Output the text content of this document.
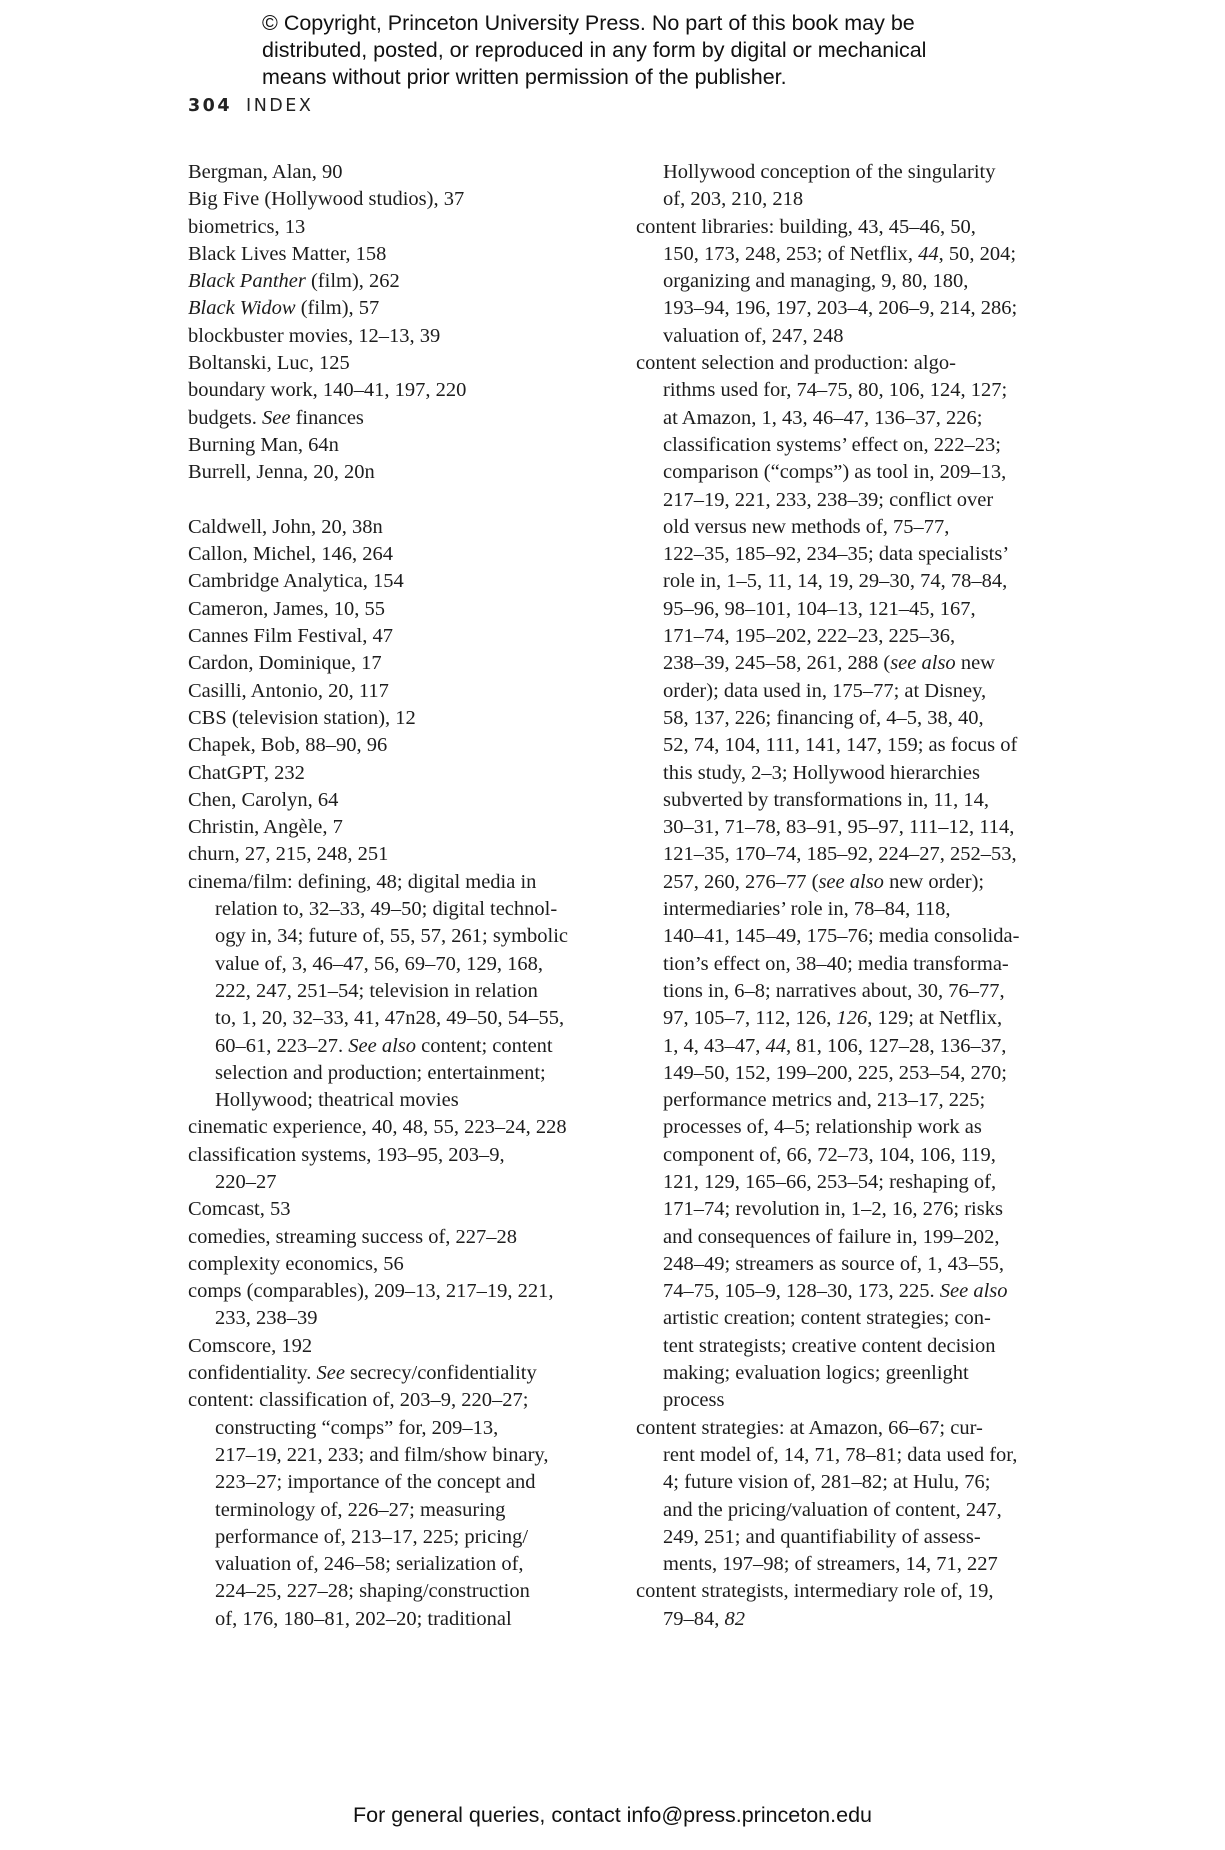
© Copyright, Princeton University Press. No part of this book may be
distributed, posted, or reproduced in any form by digital or mechanical
means without prior written permission of the publisher.
304 INDEX
Bergman, Alan, 90
Big Five (Hollywood studios), 37
biometrics, 13
Black Lives Matter, 158
Black Panther (film), 262
Black Widow (film), 57
blockbuster movies, 12–13, 39
Boltanski, Luc, 125
boundary work, 140–41, 197, 220
budgets. See finances
Burning Man, 64n
Burrell, Jenna, 20, 20n
Caldwell, John, 20, 38n
Callon, Michel, 146, 264
Cambridge Analytica, 154
Cameron, James, 10, 55
Cannes Film Festival, 47
Cardon, Dominique, 17
Casilli, Antonio, 20, 117
CBS (television station), 12
Chapek, Bob, 88–90, 96
ChatGPT, 232
Chen, Carolyn, 64
Christin, Angèle, 7
churn, 27, 215, 248, 251
cinema/film: defining, 48; digital media in
relation to, 32–33, 49–50; digital technol-
ogy in, 34; future of, 55, 57, 261; symbolic
value of, 3, 46–47, 56, 69–70, 129, 168,
222, 247, 251–54; television in relation
to, 1, 20, 32–33, 41, 47n28, 49–50, 54–55,
60–61, 223–27. See also content; content
selection and production; entertainment;
Hollywood; theatrical movies
cinematic experience, 40, 48, 55, 223–24, 228
classification systems, 193–95, 203–9,
220–27
Comcast, 53
comedies, streaming success of, 227–28
complexity economics, 56
comps (comparables), 209–13, 217–19, 221,
233, 238–39
Comscore, 192
confidentiality. See secrecy/confidentiality
content: classification of, 203–9, 220–27;
constructing “comps” for, 209–13,
217–19, 221, 233; and film/show binary,
223–27; importance of the concept and
terminology of, 226–27; measuring
performance of, 213–17, 225; pricing/
valuation of, 246–58; serialization of,
224–25, 227–28; shaping/construction
of, 176, 180–81, 202–20; traditional
Hollywood conception of the singularity
of, 203, 210, 218
content libraries: building, 43, 45–46, 50,
150, 173, 248, 253; of Netflix, 44, 50, 204;
organizing and managing, 9, 80, 180,
193–94, 196, 197, 203–4, 206–9, 214, 286;
valuation of, 247, 248
content selection and production: algo-
rithms used for, 74–75, 80, 106, 124, 127;
at Amazon, 1, 43, 46–47, 136–37, 226;
classification systems’ effect on, 222–23;
comparison (“comps”) as tool in, 209–13,
217–19, 221, 233, 238–39; conflict over
old versus new methods of, 75–77,
122–35, 185–92, 234–35; data specialists’
role in, 1–5, 11, 14, 19, 29–30, 74, 78–84,
95–96, 98–101, 104–13, 121–45, 167,
171–74, 195–202, 222–23, 225–36,
238–39, 245–58, 261, 288 (see also new
order); data used in, 175–77; at Disney,
58, 137, 226; financing of, 4–5, 38, 40,
52, 74, 104, 111, 141, 147, 159; as focus of
this study, 2–3; Hollywood hierarchies
subverted by transformations in, 11, 14,
30–31, 71–78, 83–91, 95–97, 111–12, 114,
121–35, 170–74, 185–92, 224–27, 252–53,
257, 260, 276–77 (see also new order);
intermediaries’ role in, 78–84, 118,
140–41, 145–49, 175–76; media consolida-
tion’s effect on, 38–40; media transforma-
tions in, 6–8; narratives about, 30, 76–77,
97, 105–7, 112, 126, 126, 129; at Netflix,
1, 4, 43–47, 44, 81, 106, 127–28, 136–37,
149–50, 152, 199–200, 225, 253–54, 270;
performance metrics and, 213–17, 225;
processes of, 4–5; relationship work as
component of, 66, 72–73, 104, 106, 119,
121, 129, 165–66, 253–54; reshaping of,
171–74; revolution in, 1–2, 16, 276; risks
and consequences of failure in, 199–202,
248–49; streamers as source of, 1, 43–55,
74–75, 105–9, 128–30, 173, 225. See also
artistic creation; content strategies; con-
tent strategists; creative content decision
making; evaluation logics; greenlight
process
content strategies: at Amazon, 66–67; cur-
rent model of, 14, 71, 78–81; data used for,
4; future vision of, 281–82; at Hulu, 76;
and the pricing/valuation of content, 247,
249, 251; and quantifiability of assess-
ments, 197–98; of streamers, 14, 71, 227
content strategists, intermediary role of, 19,
79–84, 82
For general queries, contact info@press.princeton.edu
